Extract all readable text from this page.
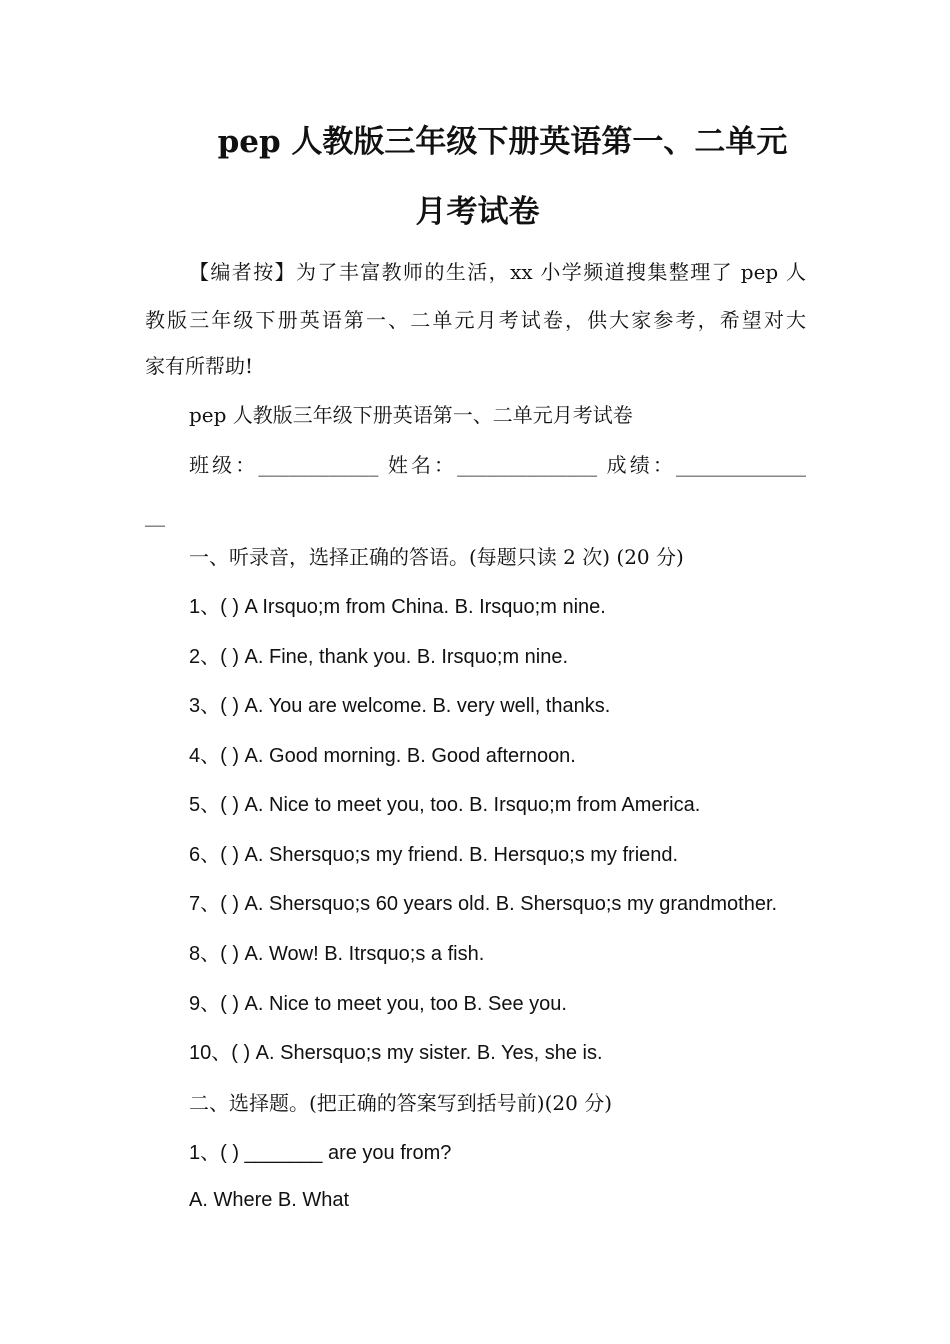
pep 人教版三年级下册英语第一、二单元
月考试卷
【编者按】为了丰富教师的生活，xx 小学频道搜集整理了 pep 人
教版三年级下册英语第一、二单元月考试卷，供大家参考，希望对大
家有所帮助!
pep 人教版三年级下册英语第一、二单元月考试卷
班级：____________ 姓名：______________ 成绩：_____________
__
一、听录音，选择正确的答语。(每题只读 2 次) (20 分)
1、( ) A Irsquo;m from China. B. Irsquo;m nine.
2、( ) A. Fine, thank you. B. Irsquo;m nine.
3、( ) A. You are welcome. B. very well, thanks.
4、( ) A. Good morning. B. Good afternoon.
5、( ) A. Nice to meet you, too. B. Irsquo;m from America.
6、( ) A. Shersquo;s my friend. B. Hersquo;s my friend.
7、( ) A. Shersquo;s 60 years old. B. Shersquo;s my grandmother.
8、( ) A. Wow! B. Itrsquo;s a fish.
9、( ) A. Nice to meet you, too B. See you.
10、( ) A. Shersquo;s my sister. B. Yes, she is.
二、选择题。(把正确的答案写到括号前)(20 分)
1、( ) _______ are you from?
A. Where B. What
